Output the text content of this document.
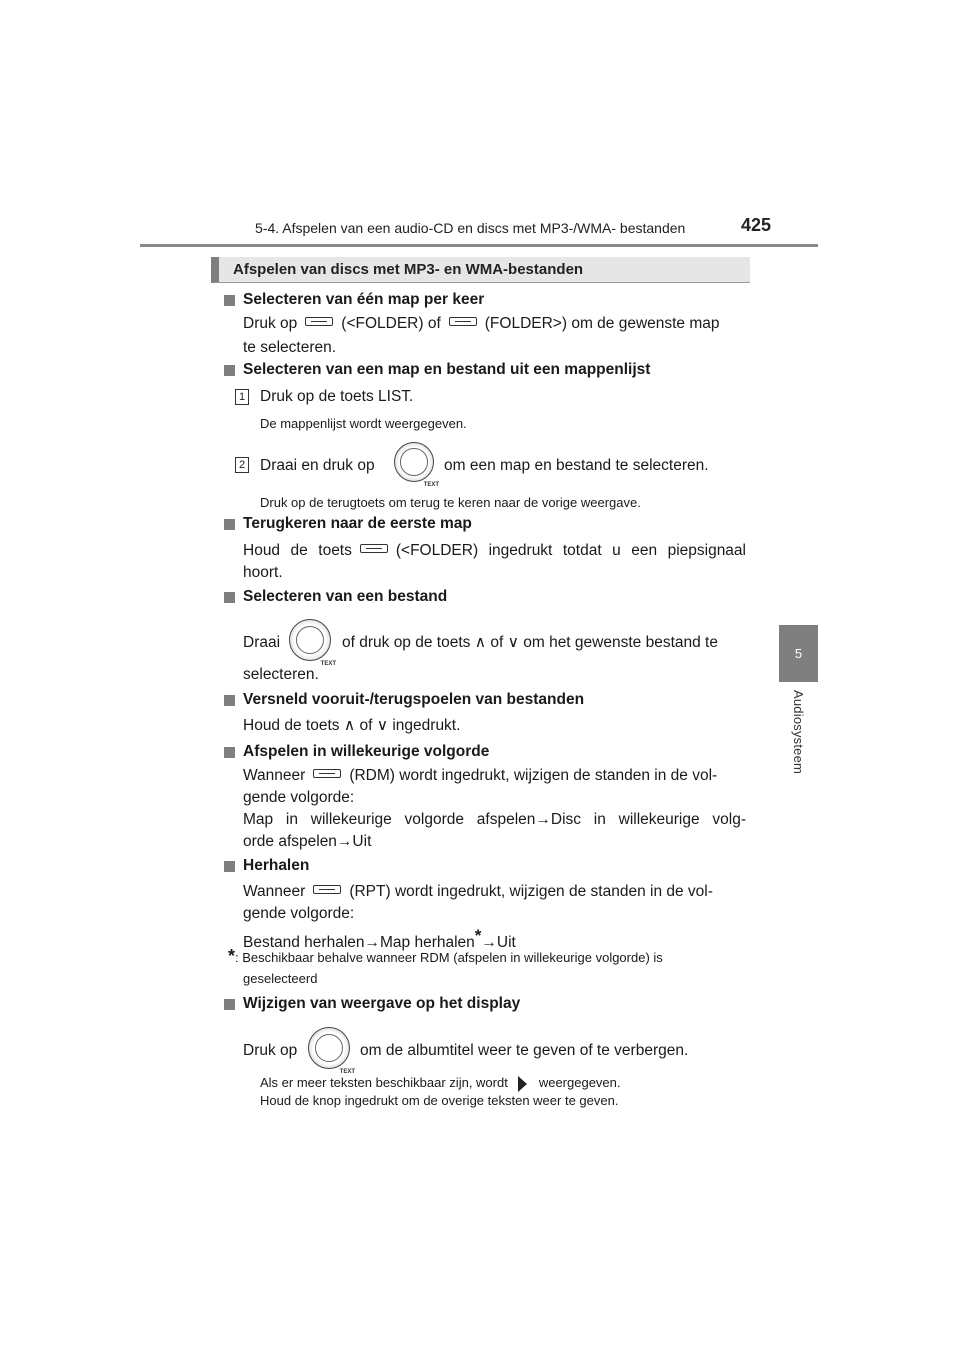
5-4. Afspelen van een audio-CD en discs met MP3-/WMA- bestanden	425
5
Audiosysteem
Afspelen van discs met MP3- en WMA-bestanden
Selecteren van één map per keer
Druk op	(<FOLDER) of	(FOLDER>) om de gewenste map
te selecteren.
Selecteren van een map en bestand uit een mappenlijst
1 Druk op de toets LIST.
De mappenlijst wordt weergegeven.
2 Draai en druk op
TEXT
om een map en bestand te selecteren.
Druk op de terugtoets om terug te keren naar de vorige weergave.
Terugkeren naar de eerste map
Houd de toets	(<FOLDER) ingedrukt totdat u een piepsignaal
hoort.
Selecteren van een bestand
Draai
TEXT
of druk op de toets ∧ of ∨ om het gewenste bestand te
selecteren.
Versneld vooruit-/terugspoelen van bestanden
Houd de toets ∧ of ∨ ingedrukt.
Afspelen in willekeurige volgorde
Wanneer	(RDM) wordt ingedrukt, wijzigen de standen in de vol-
gende volgorde:
Map in willekeurige volgorde afspelen→Disc in willekeurige volg-
orde afspelen→Uit
Herhalen
Wanneer	(RPT) wordt ingedrukt, wijzigen de standen in de vol-
gende volgorde:
Bestand herhalen→Map herhalen*→Uit
*: Beschikbaar behalve wanneer RDM (afspelen in willekeurige volgorde) is
geselecteerd
Wijzigen van weergave op het display
Druk op
TEXT
om de albumtitel weer te geven of te verbergen.
Als er meer teksten beschikbaar zijn, wordt weergegeven.
Houd de knop ingedrukt om de overige teksten weer te geven.
